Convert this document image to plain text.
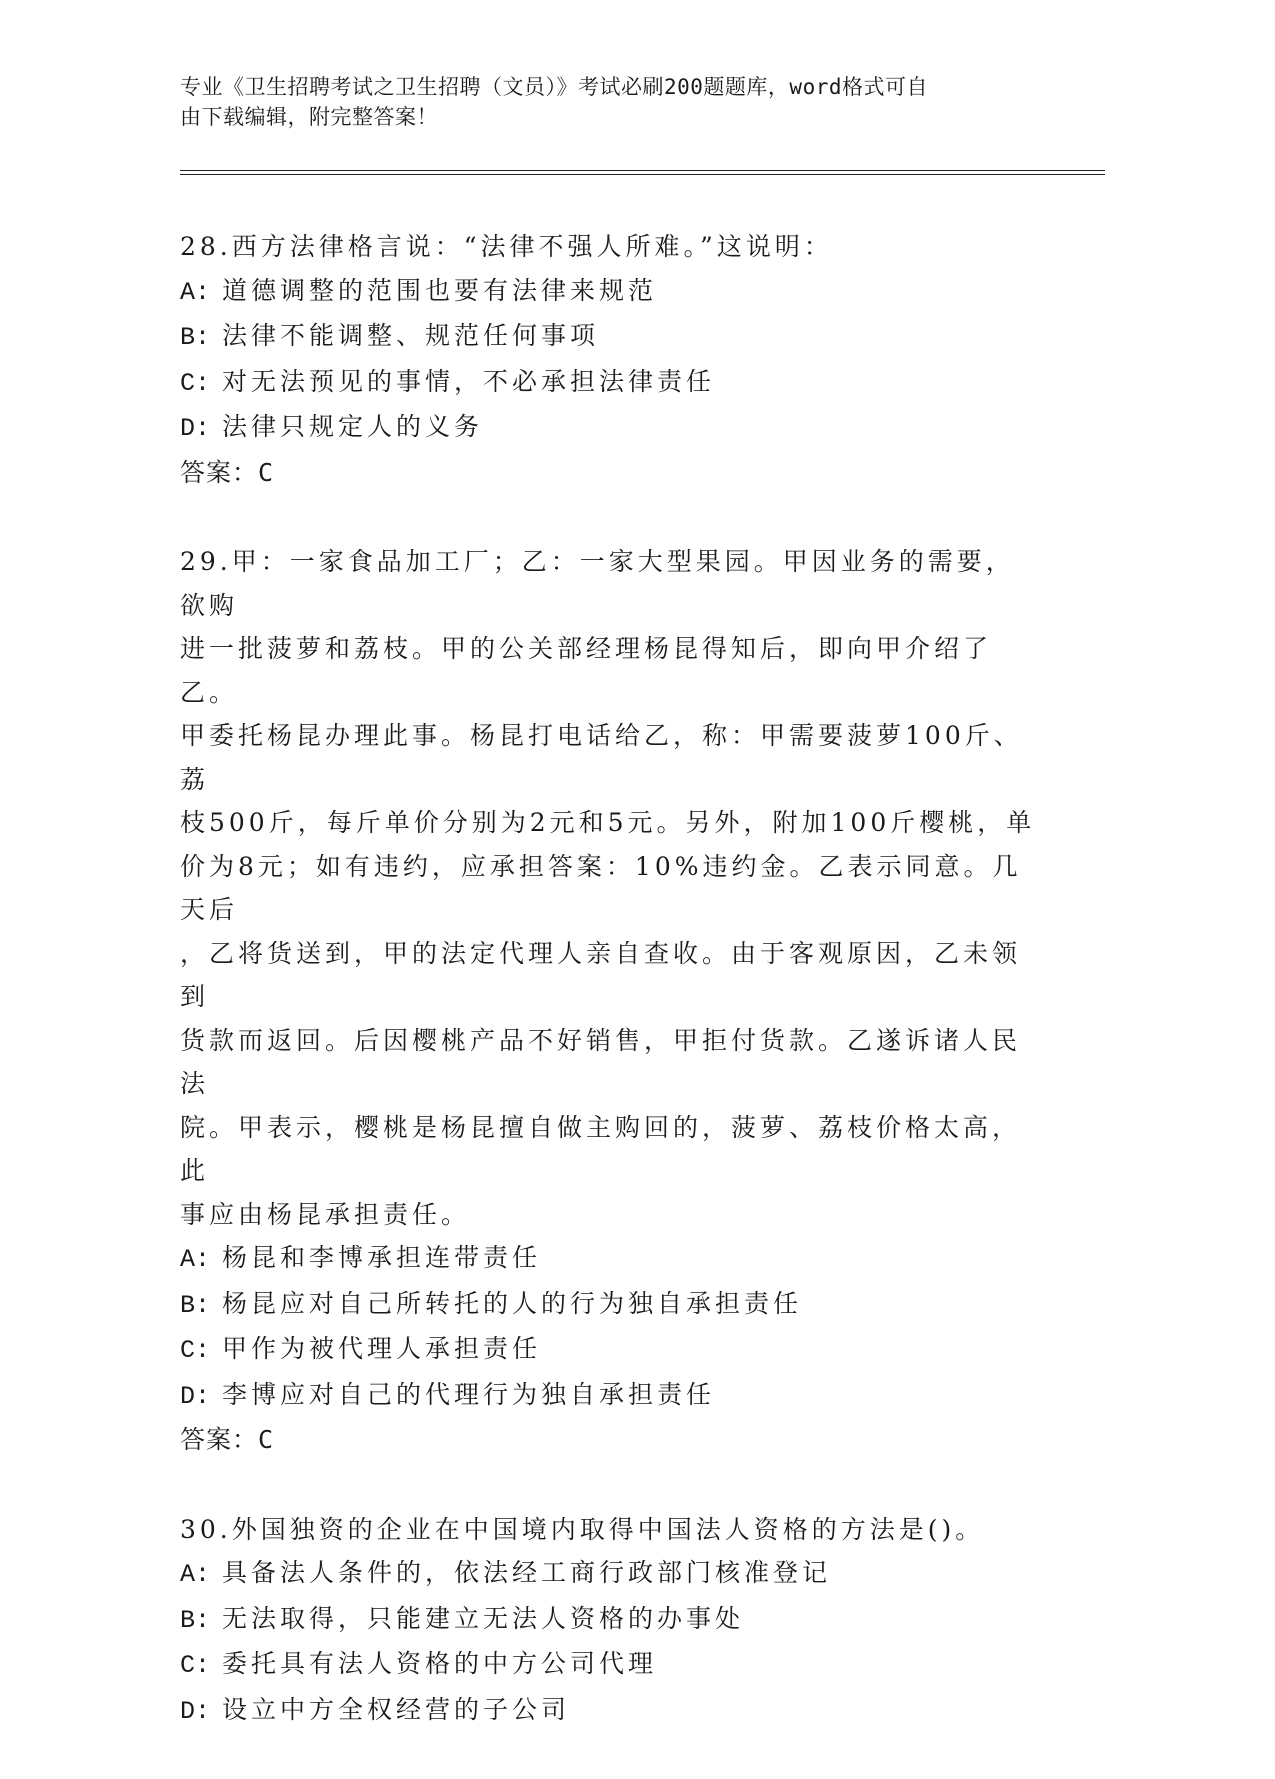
专业《卫生招聘考试之卫生招聘（文员）》考试必刷200题题库，word格式可自
由下载编辑，附完整答案！

28.西方法律格言说：“法律不强人所难。”这说明：

A: 道德调整的范围也要有法律来规范

B: 法律不能调整、规范任何事项

C: 对无法预见的事情，不必承担法律责任

D: 法律只规定人的义务

答案：C

29.甲：一家食品加工厂；乙：一家大型果园。甲因业务的需要，欲购

进一批菠萝和荔枝。甲的公关部经理杨昆得知后，即向甲介绍了乙。

甲委托杨昆办理此事。杨昆打电话给乙，称：甲需要菠萝100斤、荔

枝500斤，每斤单价分别为2元和5元。另外，附加100斤樱桃，单

价为8元；如有违约，应承担答案：10%违约金。乙表示同意。几天后

，乙将货送到，甲的法定代理人亲自查收。由于客观原因，乙未领到

货款而返回。后因樱桃产品不好销售，甲拒付货款。乙遂诉诸人民法

院。甲表示，樱桃是杨昆擅自做主购回的，菠萝、荔枝价格太高，此

事应由杨昆承担责任。

A: 杨昆和李博承担连带责任

B: 杨昆应对自己所转托的人的行为独自承担责任

C: 甲作为被代理人承担责任

D: 李博应对自己的代理行为独自承担责任

答案：C

30.外国独资的企业在中国境内取得中国法人资格的方法是()。

A: 具备法人条件的，依法经工商行政部门核准登记

B: 无法取得，只能建立无法人资格的办事处

C: 委托具有法人资格的中方公司代理

D: 设立中方全权经营的子公司
